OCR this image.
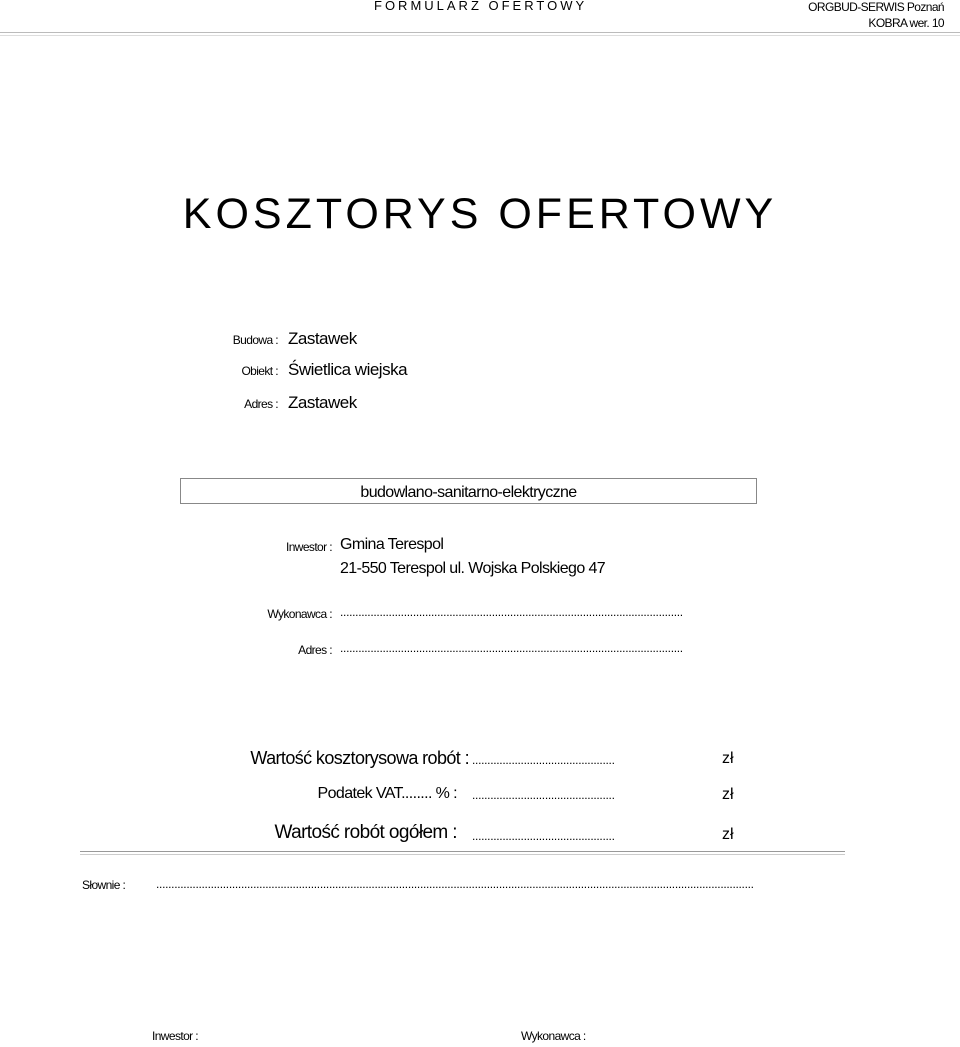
FORMULARZ OFERTOWY	ORGBUD-SERWIS Poznań
KOBRA wer. 10
KOSZTORYS OFERTOWY
Budowa : Zastawek
Obiekt : Świetlica wiejska
Adres : Zastawek
budowlano-sanitarno-elektryczne
Inwestor : Gmina Terespol
21-550 Terespol ul. Wojska Polskiego 47
Wykonawca : .................................................................................................................
Adres : .................................................................................................................
Wartość kosztorysowa robót : ...............................................	zł
Podatek VAT........ % : ...............................................	zł
Wartość robót ogółem : ...............................................	zł
Słownie :	.....................................................................................................................................................................................................
Inwestor :	Wykonawca :
